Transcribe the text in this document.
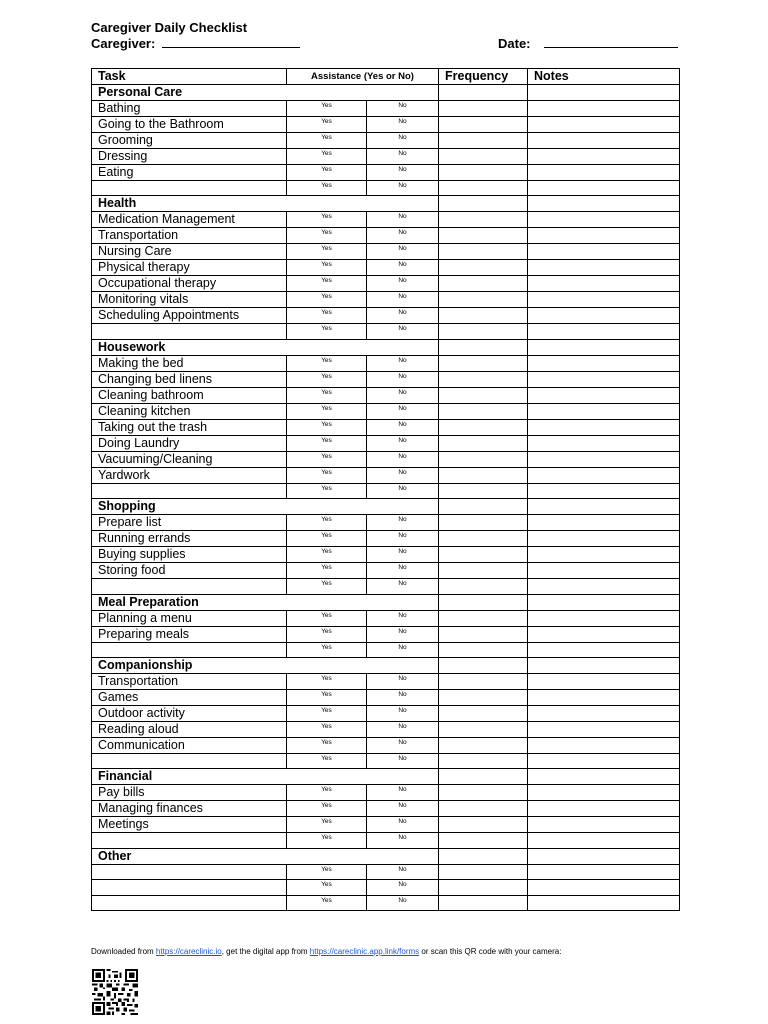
Caregiver Daily Checklist
Caregiver:	Date:
Task	Assistance (Yes or No)		Frequency	Notes
Personal Care				
Bathing	Yes	No		
Going to the Bathroom	Yes	No		
Grooming	Yes	No		
Dressing	Yes	No		
Eating	Yes	No		
	Yes	No		
Health				
Medication Management	Yes	No		
Transportation	Yes	No		
Nursing Care	Yes	No		
Physical therapy	Yes	No		
Occupational therapy	Yes	No		
Monitoring vitals	Yes	No		
Scheduling Appointments	Yes	No		
	Yes	No		
Housework				
Making the bed	Yes	No		
Changing bed linens	Yes	No		
Cleaning bathroom	Yes	No		
Cleaning kitchen	Yes	No		
Taking out the trash	Yes	No		
Doing Laundry	Yes	No		
Vacuuming/Cleaning	Yes	No		
Yardwork	Yes	No		
	Yes	No		
Shopping				
Prepare list	Yes	No		
Running errands	Yes	No		
Buying supplies	Yes	No		
Storing food	Yes	No		
	Yes	No		
Meal Preparation				
Planning a menu	Yes	No		
Preparing meals	Yes	No		
	Yes	No		
Companionship				
Transportation	Yes	No		
Games	Yes	No		
Outdoor activity	Yes	No		
Reading aloud	Yes	No		
Communication	Yes	No		
	Yes	No		
Financial				
Pay bills	Yes	No		
Managing finances	Yes	No		
Meetings	Yes	No		
	Yes	No		
Other				
	Yes	No		
	Yes	No		
	Yes	No		
Downloaded from https://careclinic.io, get the digital app from https://careclinic.app.link/forms or scan this QR code with your camera:
